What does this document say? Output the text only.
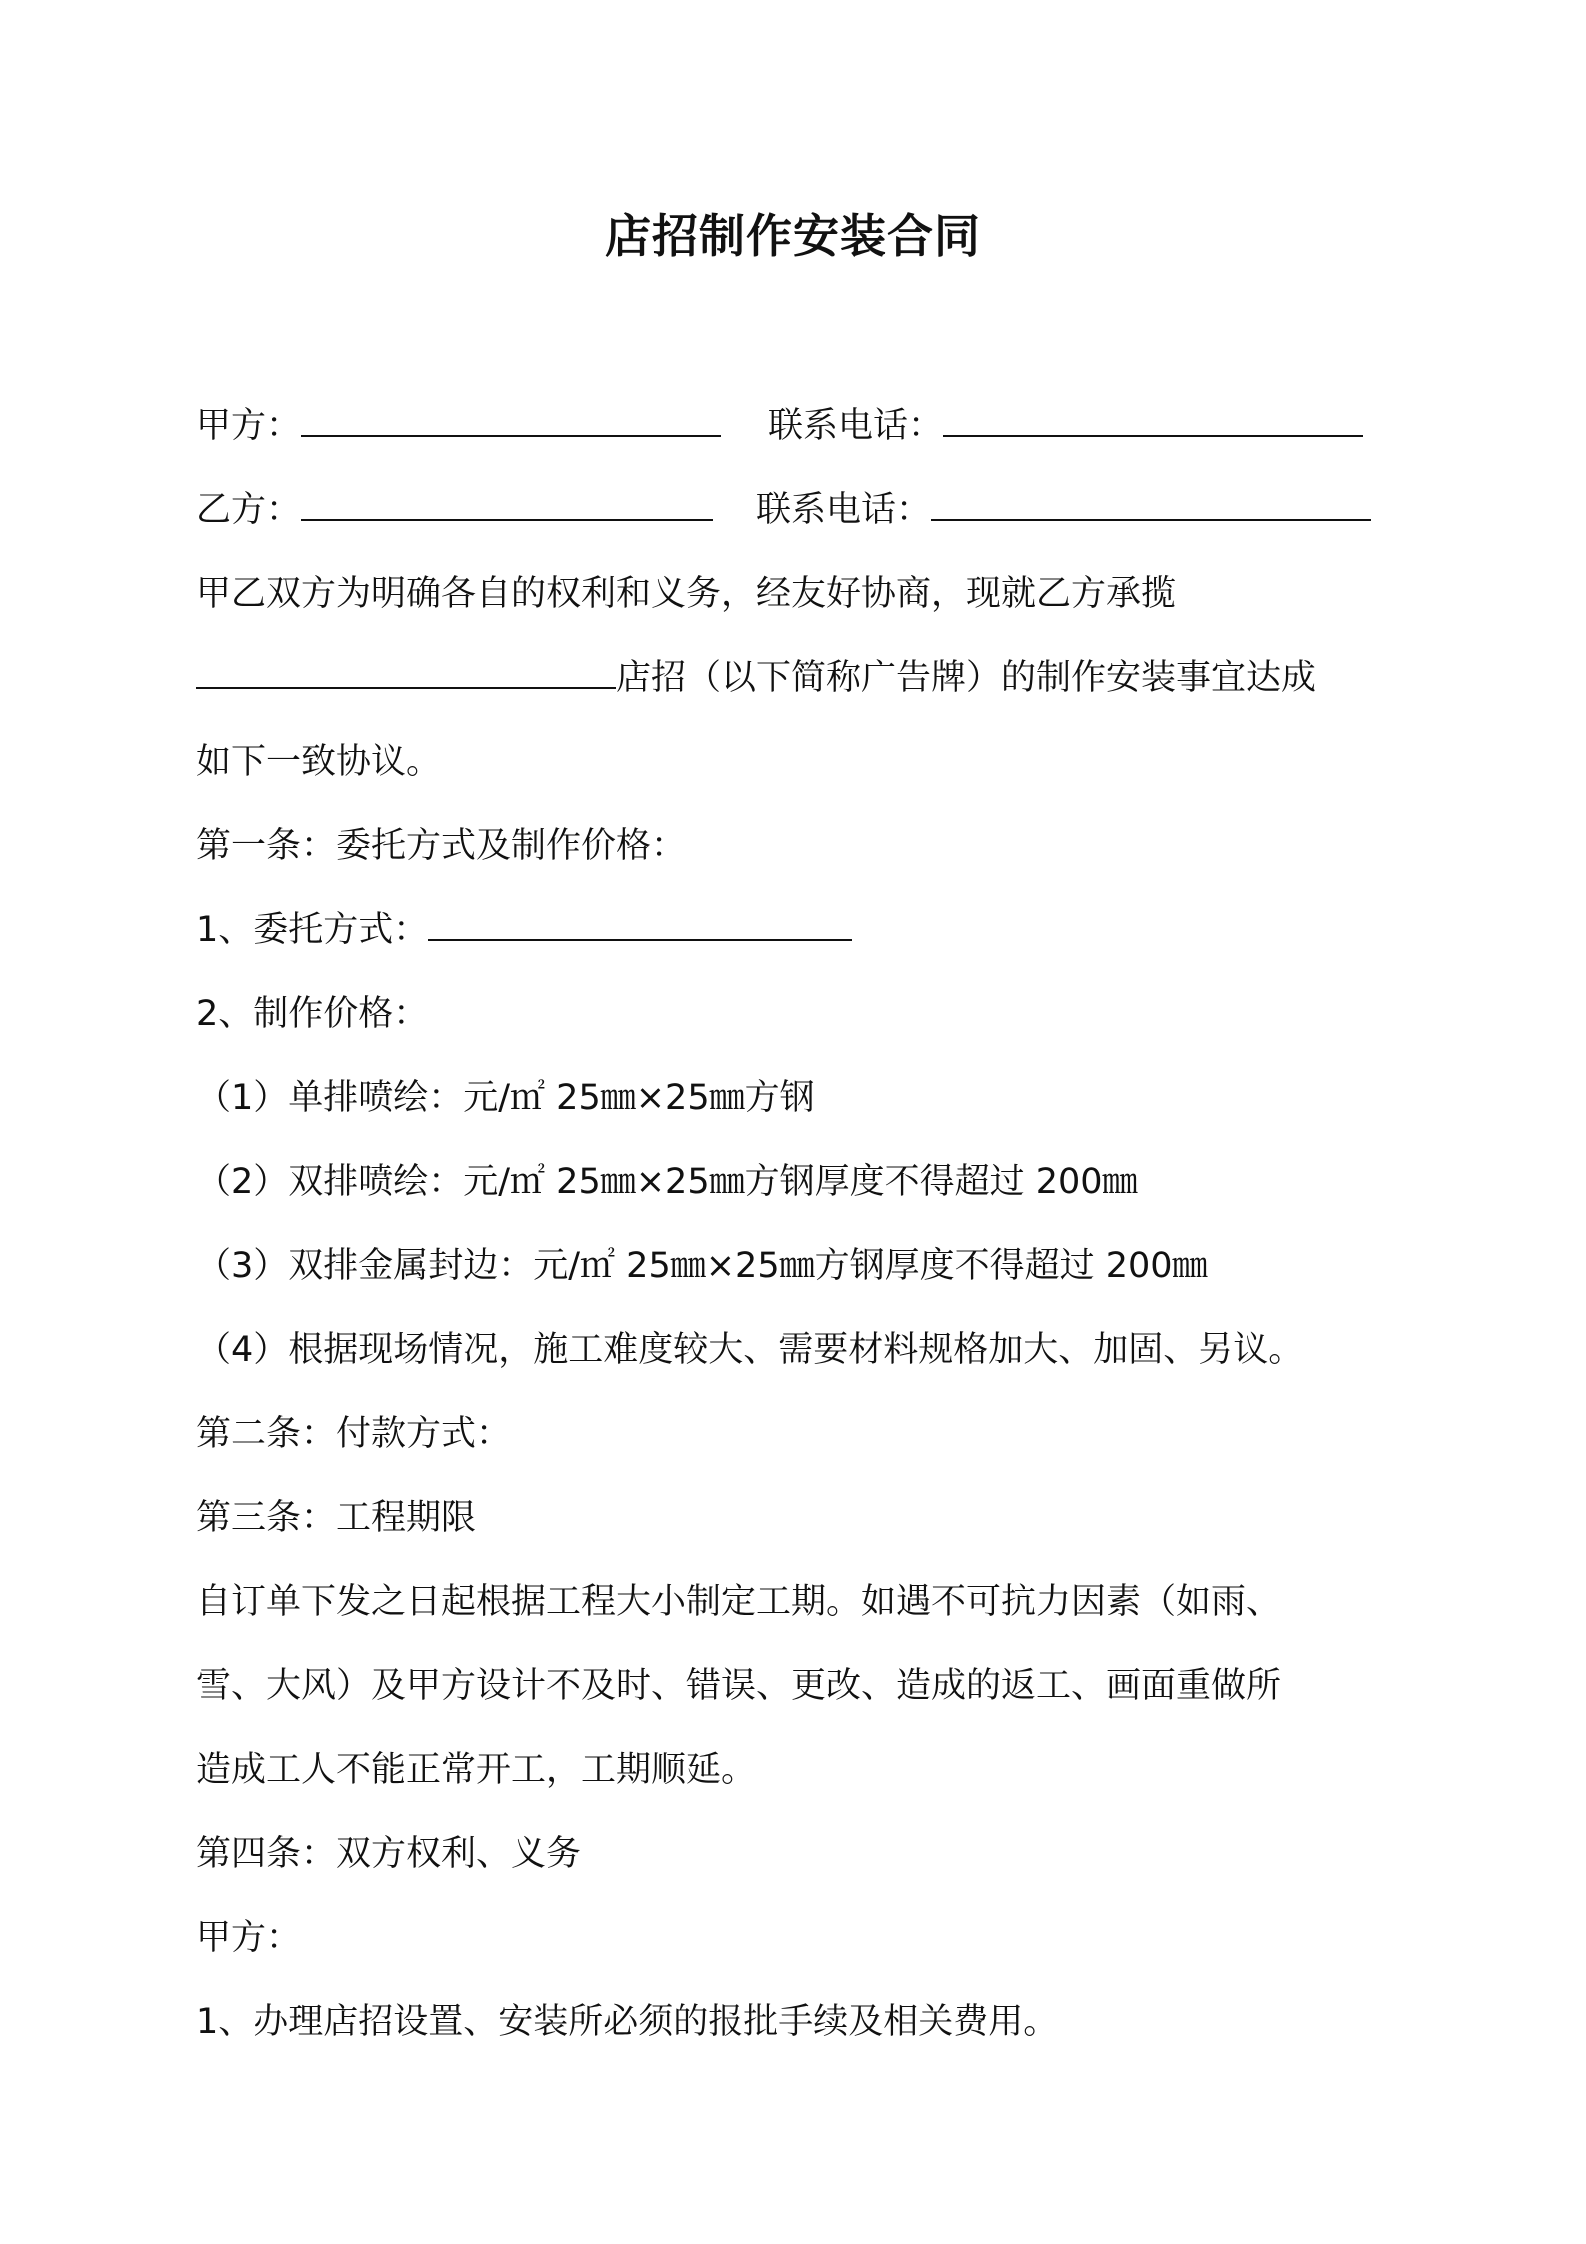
店招制作安装合同
甲方：	联系电话：
乙方：	联系电话：
甲乙双方为明确各自的权利和义务，经友好协商，现就乙方承揽
店招（以下简称广告牌）的制作安装事宜达成
如下一致协议。
第一条：委托方式及制作价格：
1、委托方式：
2、制作价格：
（1）单排喷绘：元/㎡ 25㎜×25㎜方钢
（2）双排喷绘：元/㎡ 25㎜×25㎜方钢厚度不得超过 200㎜
（3）双排金属封边：元/㎡ 25㎜×25㎜方钢厚度不得超过 200㎜
（4）根据现场情况，施工难度较大、需要材料规格加大、加固、另议。
第二条：付款方式：
第三条：工程期限
自订单下发之日起根据工程大小制定工期。如遇不可抗力因素（如雨、
雪、大风）及甲方设计不及时、错误、更改、造成的返工、画面重做所
造成工人不能正常开工，工期顺延。
第四条：双方权利、义务
甲方：
1、办理店招设置、安装所必须的报批手续及相关费用。
